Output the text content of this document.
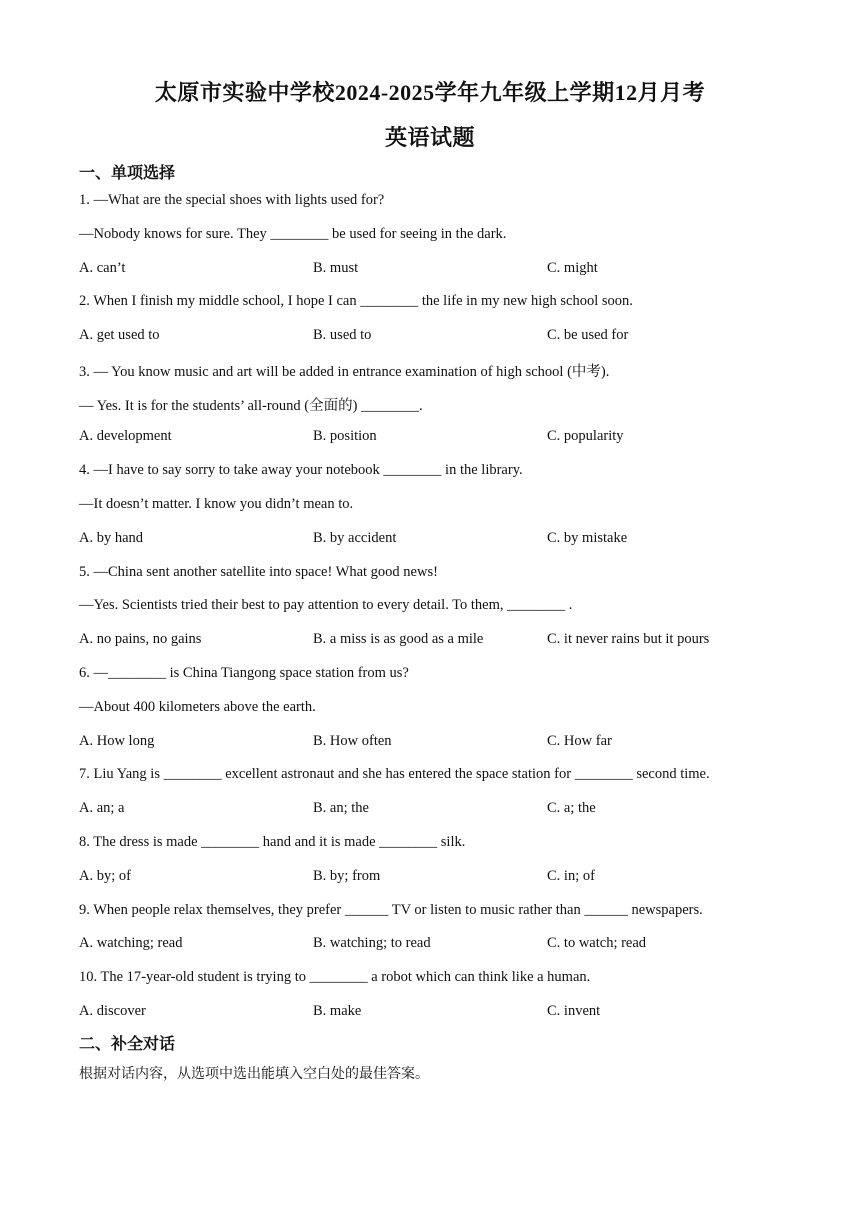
太原市实验中学校2024-2025学年九年级上学期12月月考
英语试题
一、单项选择
1. —What are the special shoes with lights used for?
—Nobody knows for sure. They ________ be used for seeing in the dark.
A. can’t	B. must	C. might
2. When I finish my middle school, I hope I can ________ the life in my new high school soon.
A. get used to	B. used to	C. be used for
3. — You know music and art will be added in entrance examination of high school (中考).
— Yes. It is for the students’ all-round (全面的) ________.
A. development	B. position	C. popularity
4. —I have to say sorry to take away your notebook ________ in the library.
—It doesn’t matter. I know you didn’t mean to.
A. by hand	B. by accident	C. by mistake
5. —China sent another satellite into space! What good news!
—Yes. Scientists tried their best to pay attention to every detail. To them, ________ .
A. no pains, no gains	B. a miss is as good as a mile	C. it never rains but it pours
6. —________ is China Tiangong space station from us?
—About 400 kilometers above the earth.
A. How long	B. How often	C. How far
7. Liu Yang is ________ excellent astronaut and she has entered the space station for ________ second time.
A. an; a	B. an; the	C. a; the
8. The dress is made ________ hand and it is made ________ silk.
A. by; of	B. by; from	C. in; of
9. When people relax themselves, they prefer ______ TV or listen to music rather than ______ newspapers.
A. watching; read	B. watching; to read	C. to watch; read
10. The 17-year-old student is trying to ________ a robot which can think like a human.
A. discover	B. make	C. invent
二、补全对话
根据对话内容，从选项中选出能填入空白处的最佳答案。
